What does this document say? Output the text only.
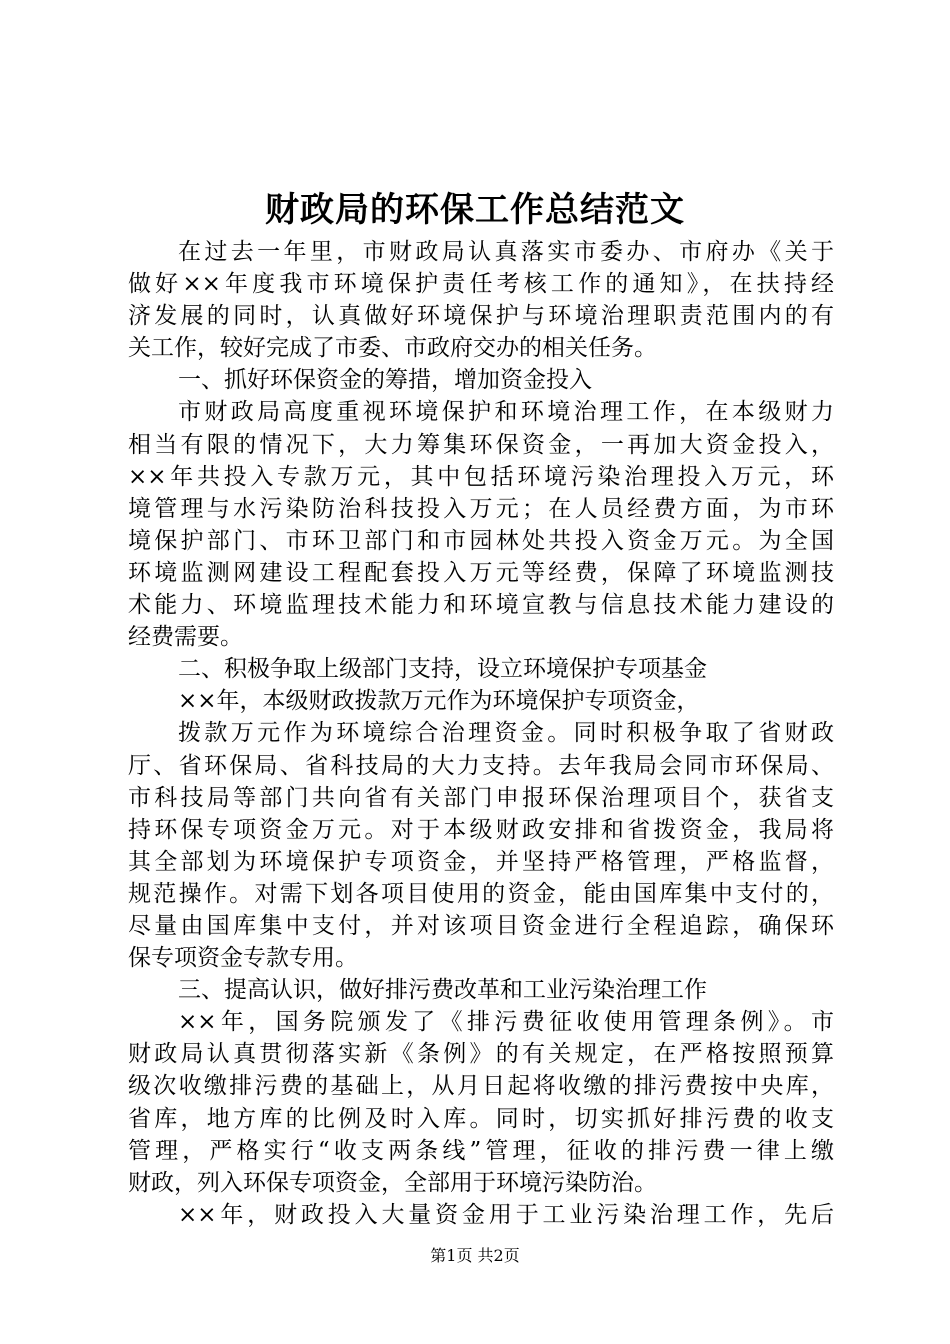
财政局的环保工作总结范文
在过去一年里，市财政局认真落实市委办、市府办《关于
做好××年度我市环境保护责任考核工作的通知》，在扶持经
济发展的同时，认真做好环境保护与环境治理职责范围内的有
关工作，较好完成了市委、市政府交办的相关任务。
一、抓好环保资金的筹措，增加资金投入
市财政局高度重视环境保护和环境治理工作，在本级财力
相当有限的情况下，大力筹集环保资金，一再加大资金投入，
××年共投入专款万元，其中包括环境污染治理投入万元，环
境管理与水污染防治科技投入万元；在人员经费方面，为市环
境保护部门、市环卫部门和市园林处共投入资金万元。为全国
环境监测网建设工程配套投入万元等经费，保障了环境监测技
术能力、环境监理技术能力和环境宣教与信息技术能力建设的
经费需要。
二、积极争取上级部门支持，设立环境保护专项基金
××年，本级财政拨款万元作为环境保护专项资金，
拨款万元作为环境综合治理资金。同时积极争取了省财政
厅、省环保局、省科技局的大力支持。去年我局会同市环保局、
市科技局等部门共向省有关部门申报环保治理项目个，获省支
持环保专项资金万元。对于本级财政安排和省拨资金，我局将
其全部划为环境保护专项资金，并坚持严格管理，严格监督，
规范操作。对需下划各项目使用的资金，能由国库集中支付的，
尽量由国库集中支付，并对该项目资金进行全程追踪，确保环
保专项资金专款专用。
三、提高认识，做好排污费改革和工业污染治理工作
××年，国务院颁发了《排污费征收使用管理条例》。市
财政局认真贯彻落实新《条例》的有关规定，在严格按照预算
级次收缴排污费的基础上，从月日起将收缴的排污费按中央库，
省库，地方库的比例及时入库。同时，切实抓好排污费的收支
管理，严格实行“收支两条线”管理，征收的排污费一律上缴
财政，列入环保专项资金，全部用于环境污染防治。
××年，财政投入大量资金用于工业污染治理工作，先后
第1页 共2页
